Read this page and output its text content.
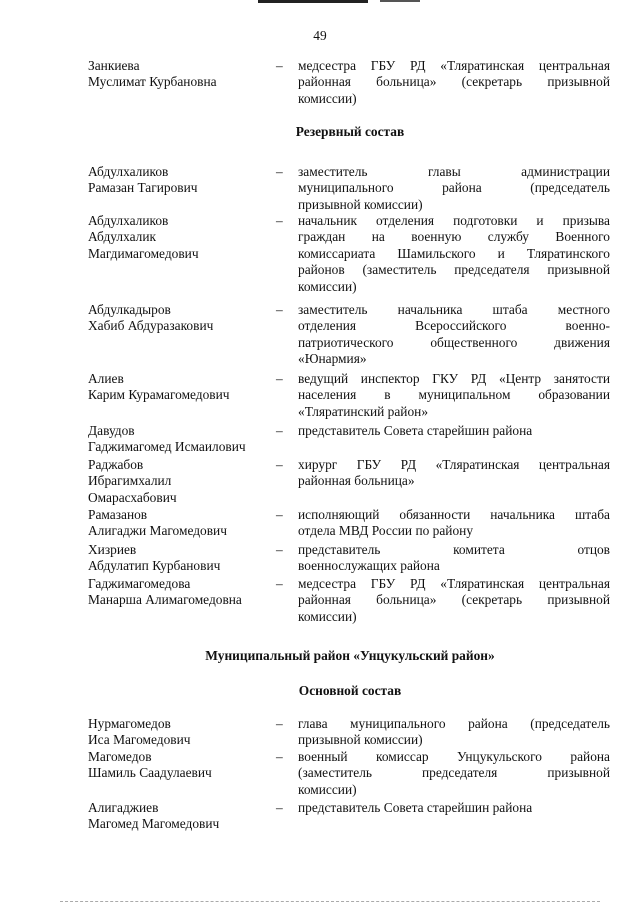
49
Занкиева
Муслимат Курбановна
– медсестра ГБУ РД «Тляратинская центральная
районная больница» (секретарь призывной
комиссии)
Резервный состав
Абдулхаликов
Рамазан Тагирович
– заместитель главы администрации
муниципального района (председатель
призывной комиссии)
Абдулхаликов
Абдулхалик
Магдимагомедович
– начальник отделения подготовки и призыва
граждан на военную службу Военного
комиссариата Шамильского и Тляратинского
районов (заместитель председателя призывной
комиссии)
Абдулкадыров
Хабиб Абдуразакович
– заместитель начальника штаба местного
отделения Всероссийского военно-
патриотического общественного движения
«Юнармия»
Алиев
Карим Курамагомедович
– ведущий инспектор ГКУ РД «Центр занятости
населения в муниципальном образовании
«Тляратинский район»
Давудов
Гаджимагомед Исмаилович
– представитель Совета старейшин района
Раджабов
Ибрагимхалил
Омарасхабович
– хирург ГБУ РД «Тляратинская центральная
районная больница»
Рамазанов
Алигаджи Магомедович
– исполняющий обязанности начальника штаба
отдела МВД России по району
Хизриев
Абдулатип Курбанович
– представитель комитета отцов
военнослужащих района
Гаджимагомедова
Манарша Алимагомедовна
– медсестра ГБУ РД «Тляратинская центральная
районная больница» (секретарь призывной
комиссии)
Муниципальный район «Унцукульский район»
Основной состав
Нурмагомедов
Иса Магомедович
– глава муниципального района (председатель
призывной комиссии)
Магомедов
Шамиль Саадулаевич
– военный комиссар Унцукульского района
(заместитель председателя призывной
комиссии)
Алигаджиев
Магомед Магомедович
– представитель Совета старейшин района
